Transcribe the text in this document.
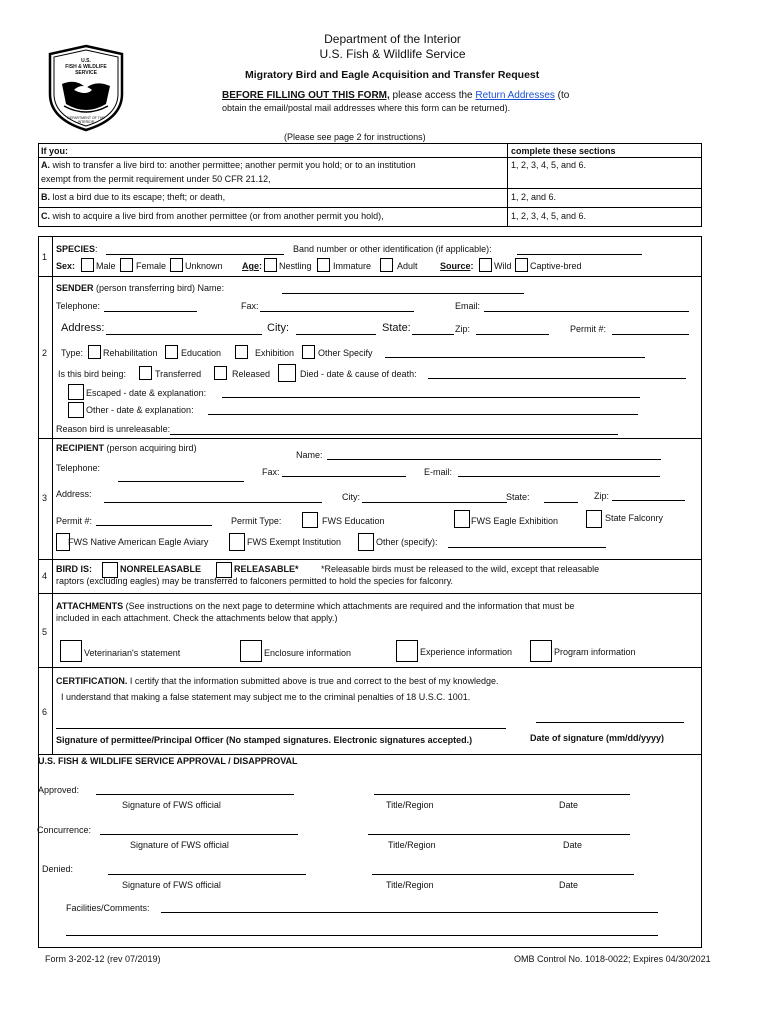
U.S.
FISH & WILDLIFE
SERVICE
DEPARTMENT OF THE INTERIOR
Department of the Interior
U.S. Fish & Wildlife Service
Migratory Bird and Eagle Acquisition and Transfer Request
BEFORE FILLING OUT THIS FORM, please access the Return Addresses (to
obtain the email/postal mail addresses where this form can be returned).
(Please see page 2 for instructions)
If you:	complete these sections
A. wish to transfer a live bird to: another permittee; another permit you hold; or to an institution
exempt from the permit requirement under 50 CFR 21.12,
1, 2, 3, 4, 5, and 6.
B. lost a bird due to its escape; theft; or death,	1, 2, and 6.
C. wish to acquire a live bird from another permittee (or from another permit you hold),	1, 2, 3, 4, 5, and 6.
1
SPECIES:	Band number or other identification (if applicable):
Sex: Male Female Unknown Age: Nestling Immature	Adult Source: Wild Captive-bred
2
SENDER (person transferring bird) Name:
Telephone:	Fax:	Email:
Address:	City:	State:	Zip:	Permit #:
Type: Rehabilitation	Education	Exhibition	Other Specify
Is this bird being:	Transferred	Released	Died - date & cause of death:
Escaped - date & explanation:
Other - date & explanation:
Reason bird is unreleasable:
3
RECIPIENT (person acquiring bird)
Name:
Telephone:	Fax:	E-mail:
Address:	City:	State:	Zip:
Permit #:	Permit Type:	FWS Education	FWS Eagle Exhibition	State Falconry
FWS Native American Eagle Aviary	FWS Exempt Institution	Other (specify):
4
BIRD IS:	NONRELEASABLE	RELEASABLE* *Releasable birds must be released to the wild, except that releasable
raptors (excluding eagles) may be transferred to falconers permitted to hold the species for falconry.
5
ATTACHMENTS (See instructions on the next page to determine which attachments are required and the information that must be
included in each attachment. Check the attachments below that apply.)
Veterinarian's statement	Enclosure information	Experience information	Program information
6
CERTIFICATION. I certify that the information submitted above is true and correct to the best of my knowledge.
I understand that making a false statement may subject me to the criminal penalties of 18 U.S.C. 1001.
Signature of permittee/Principal Officer (No stamped signatures. Electronic signatures accepted.)	Date of signature (mm/dd/yyyy)
U.S. FISH & WILDLIFE SERVICE APPROVAL / DISAPPROVAL
Approved:
Signature of FWS official	Title/Region	Date
Concurrence:
Signature of FWS official	Title/Region	Date
Denied:
Signature of FWS official	Title/Region	Date
Facilities/Comments:
Form 3-202-12 (rev 07/2019)	OMB Control No. 1018-0022; Expires 04/30/2021
